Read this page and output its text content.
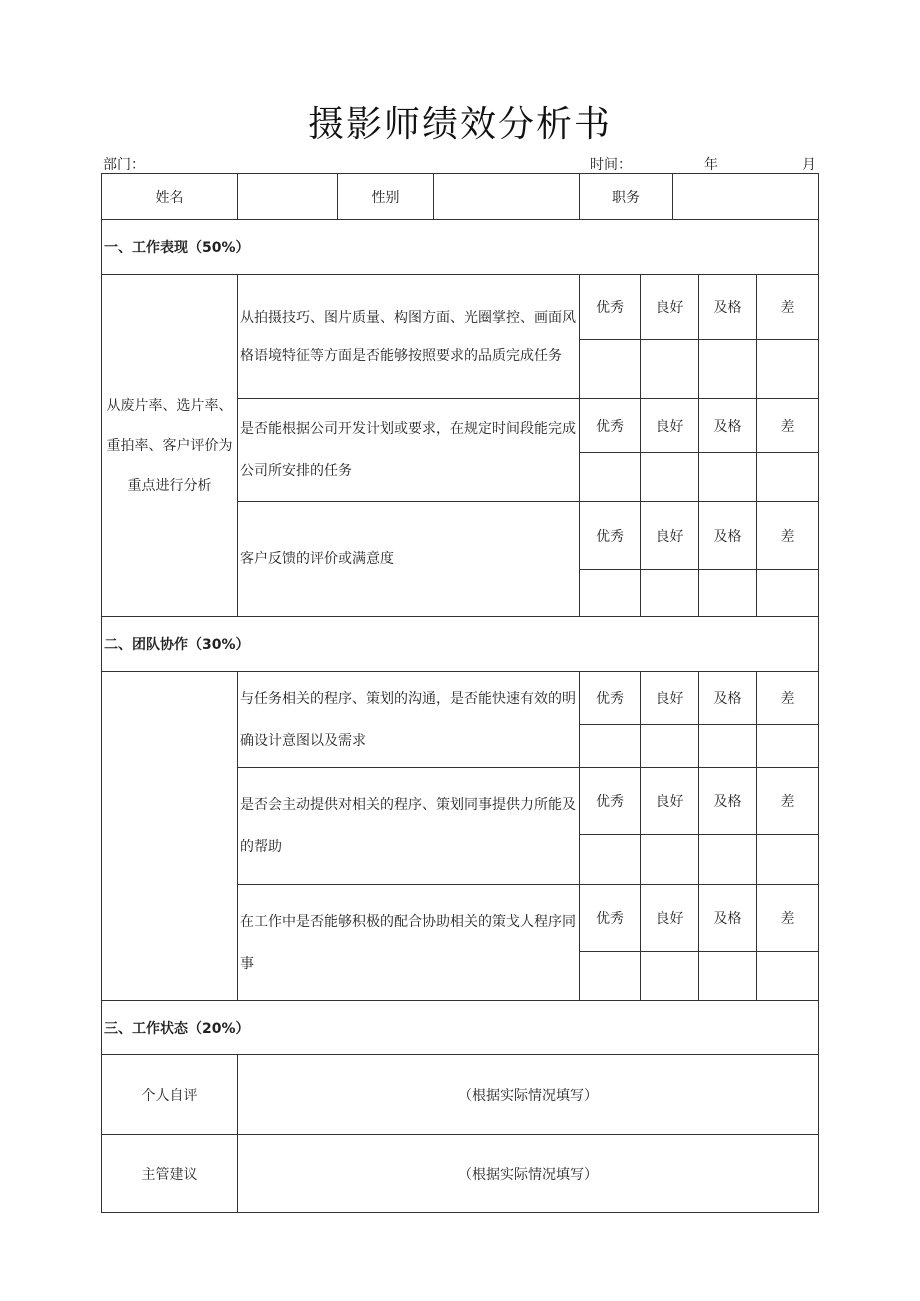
摄影师绩效分析书
部门：	时间：	年	月
姓名		性别		职务				
一、工作表现（50%）								
从废片率、选片率、重拍率、客户评价为重点进行分析	从拍摄技巧、图片质量、构图方面、光圈掌控、画面风格语境特征等方面是否能够按照要求的品质完成任务			优秀	良好		及格	差

	是否能根据公司开发计划或要求，在规定时间段能完成公司所安排的任务			优秀	良好		及格	差

	客户反馈的评价或满意度			优秀	良好		及格	差

二、团队协作（30%）								
	与任务相关的程序、策划的沟通，是否能快速有效的明确设计意图以及需求			优秀	良好		及格	差

	是否会主动提供对相关的程序、策划同事提供力所能及的帮助			优秀	良好		及格	差

	在工作中是否能够积极的配合协助相关的策戈人程序同事			优秀	良好		及格	差

三、工作状态（20%）								
个人自评	（根据实际情况填写）							
主管建议	（根据实际情况填写）							
